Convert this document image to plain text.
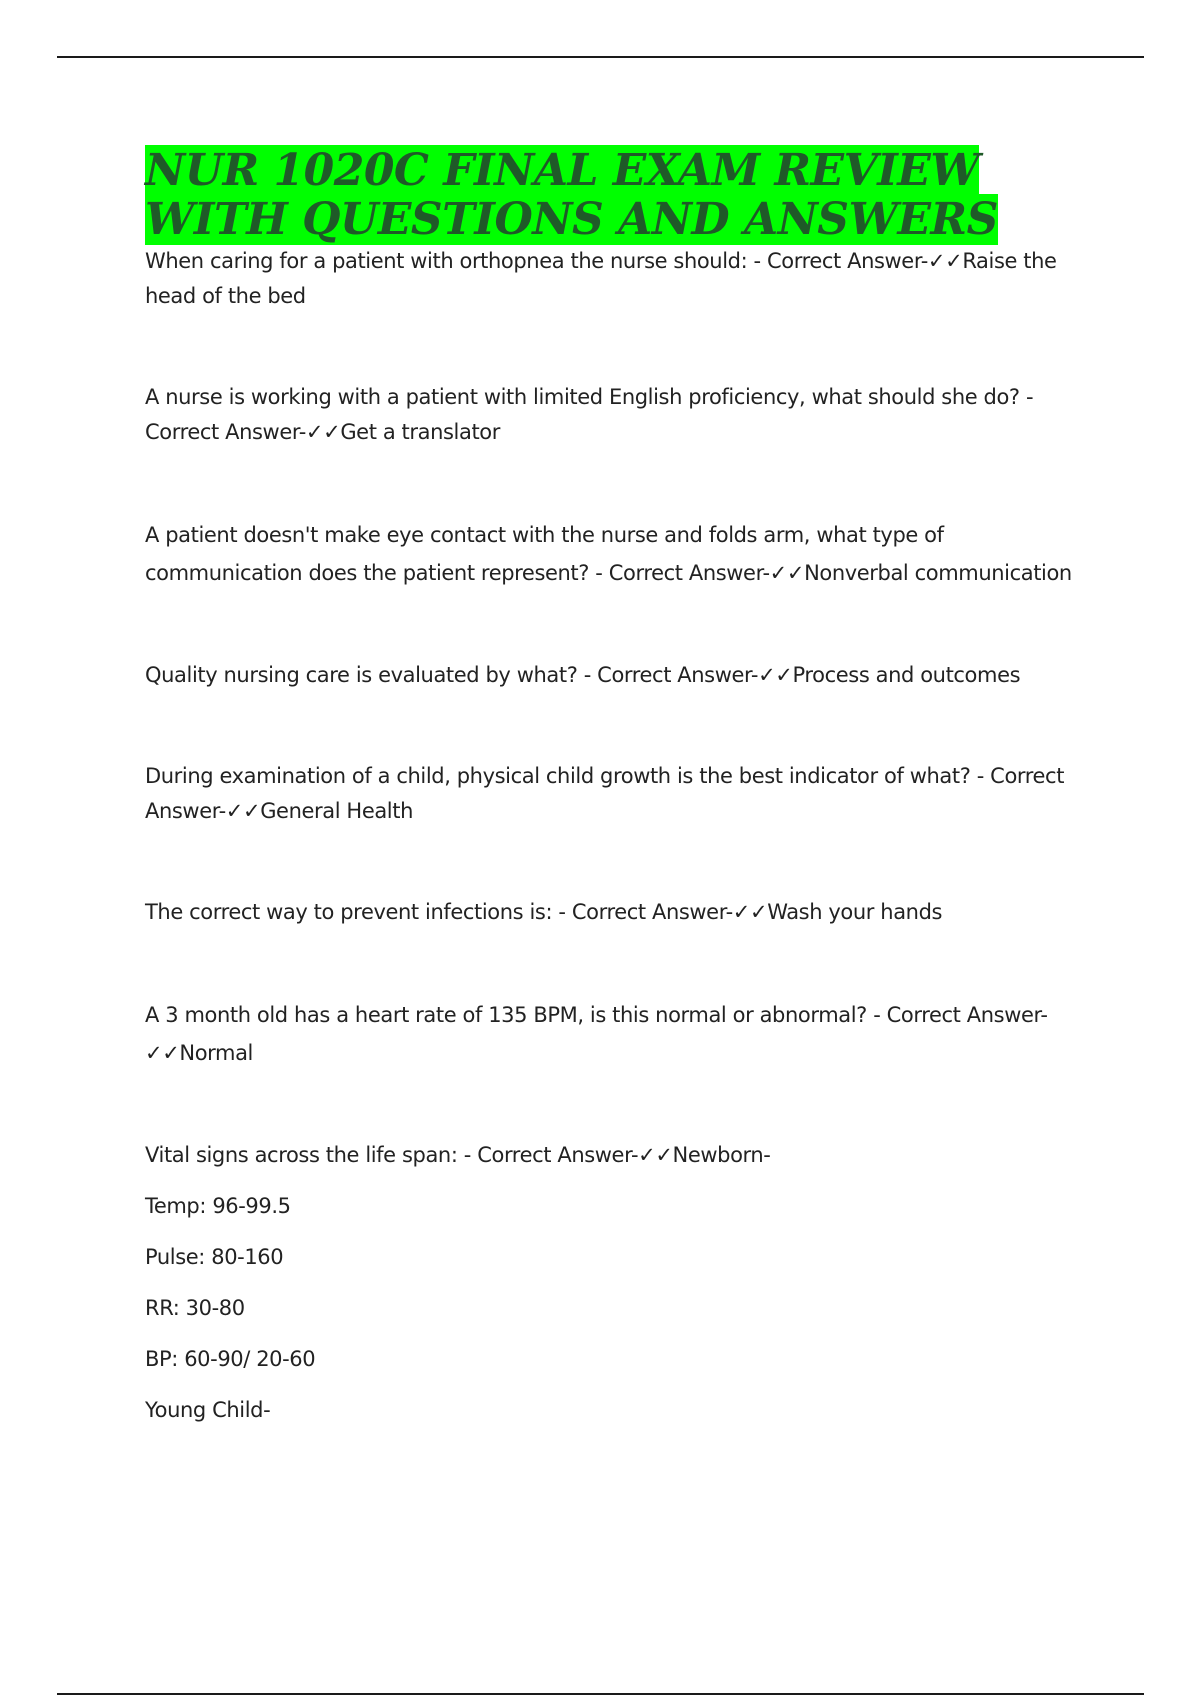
NUR 1020C FINAL EXAM REVIEW WITH QUESTIONS AND ANSWERS

When caring for a patient with orthopnea the nurse should: - Correct Answer-✓✓Raise the head of the bed

A nurse is working with a patient with limited English proficiency, what should she do? - Correct Answer-✓✓Get a translator

A patient doesn't make eye contact with the nurse and folds arm, what type of communication does the patient represent? - Correct Answer-✓✓Nonverbal communication

Quality nursing care is evaluated by what? - Correct Answer-✓✓Process and outcomes

During examination of a child, physical child growth is the best indicator of what? - Correct Answer-✓✓General Health

The correct way to prevent infections is: - Correct Answer-✓✓Wash your hands

A 3 month old has a heart rate of 135 BPM, is this normal or abnormal? - Correct Answer-✓✓Normal

Vital signs across the life span: - Correct Answer-✓✓Newborn-

Temp: 96-99.5

Pulse: 80-160

RR: 30-80

BP: 60-90/ 20-60

Young Child-
